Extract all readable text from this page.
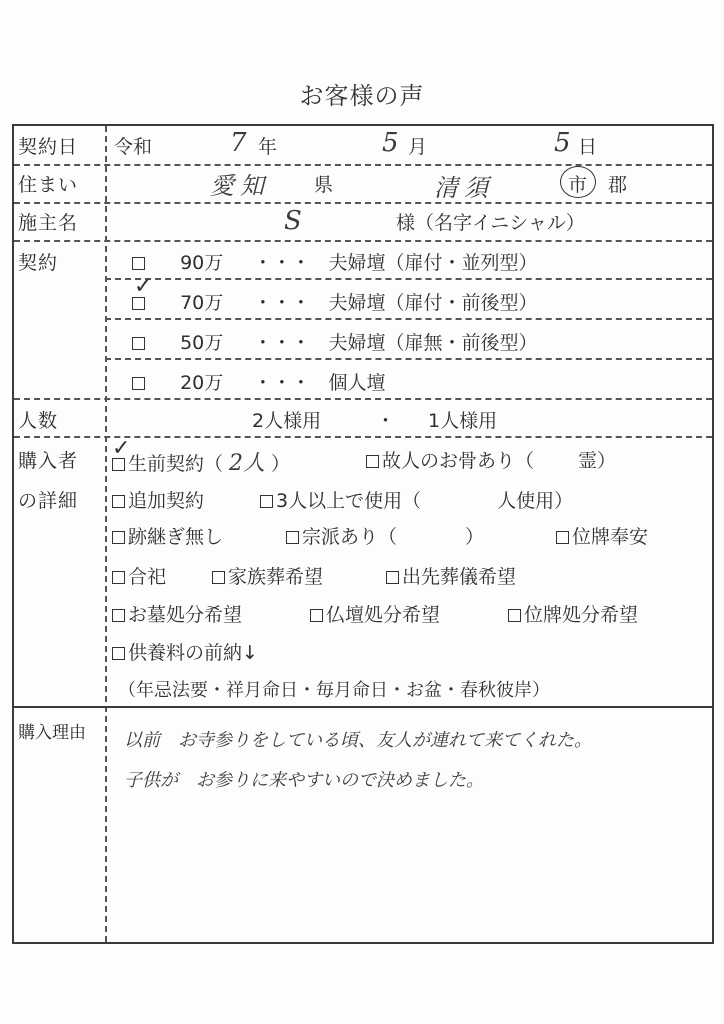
お客様の声
契約日	令和	7 年	5 月	5 日
住まい	愛知 県	清須	市 郡
施主名	S	様（名字イニシャル）
契約	90万 ・・・ 夫婦壇（扉付・並列型）
70万 ・・・ 夫婦壇（扉付・前後型）
✓
50万 ・・・ 夫婦壇（扉無・前後型）
20万 ・・・ 個人壇
人数	2人様用	・ 1人様用
購入者
の詳細
✓
生前契約（ 2人 ）	故人のお骨あり（ 霊）
追加契約	3人以上で使用（	人使用）
跡継ぎ無し	宗派あり（	）	位牌奉安
合祀	家族葬希望	出先葬儀希望
お墓処分希望	仏壇処分希望	位牌処分希望
供養料の前納↓
（年忌法要・祥月命日・毎月命日・お盆・春秋彼岸）
購入理由	以前　お寺参りをしている頃、友人が連れて来てくれた。
子供が　お参りに来やすいので決めました。
